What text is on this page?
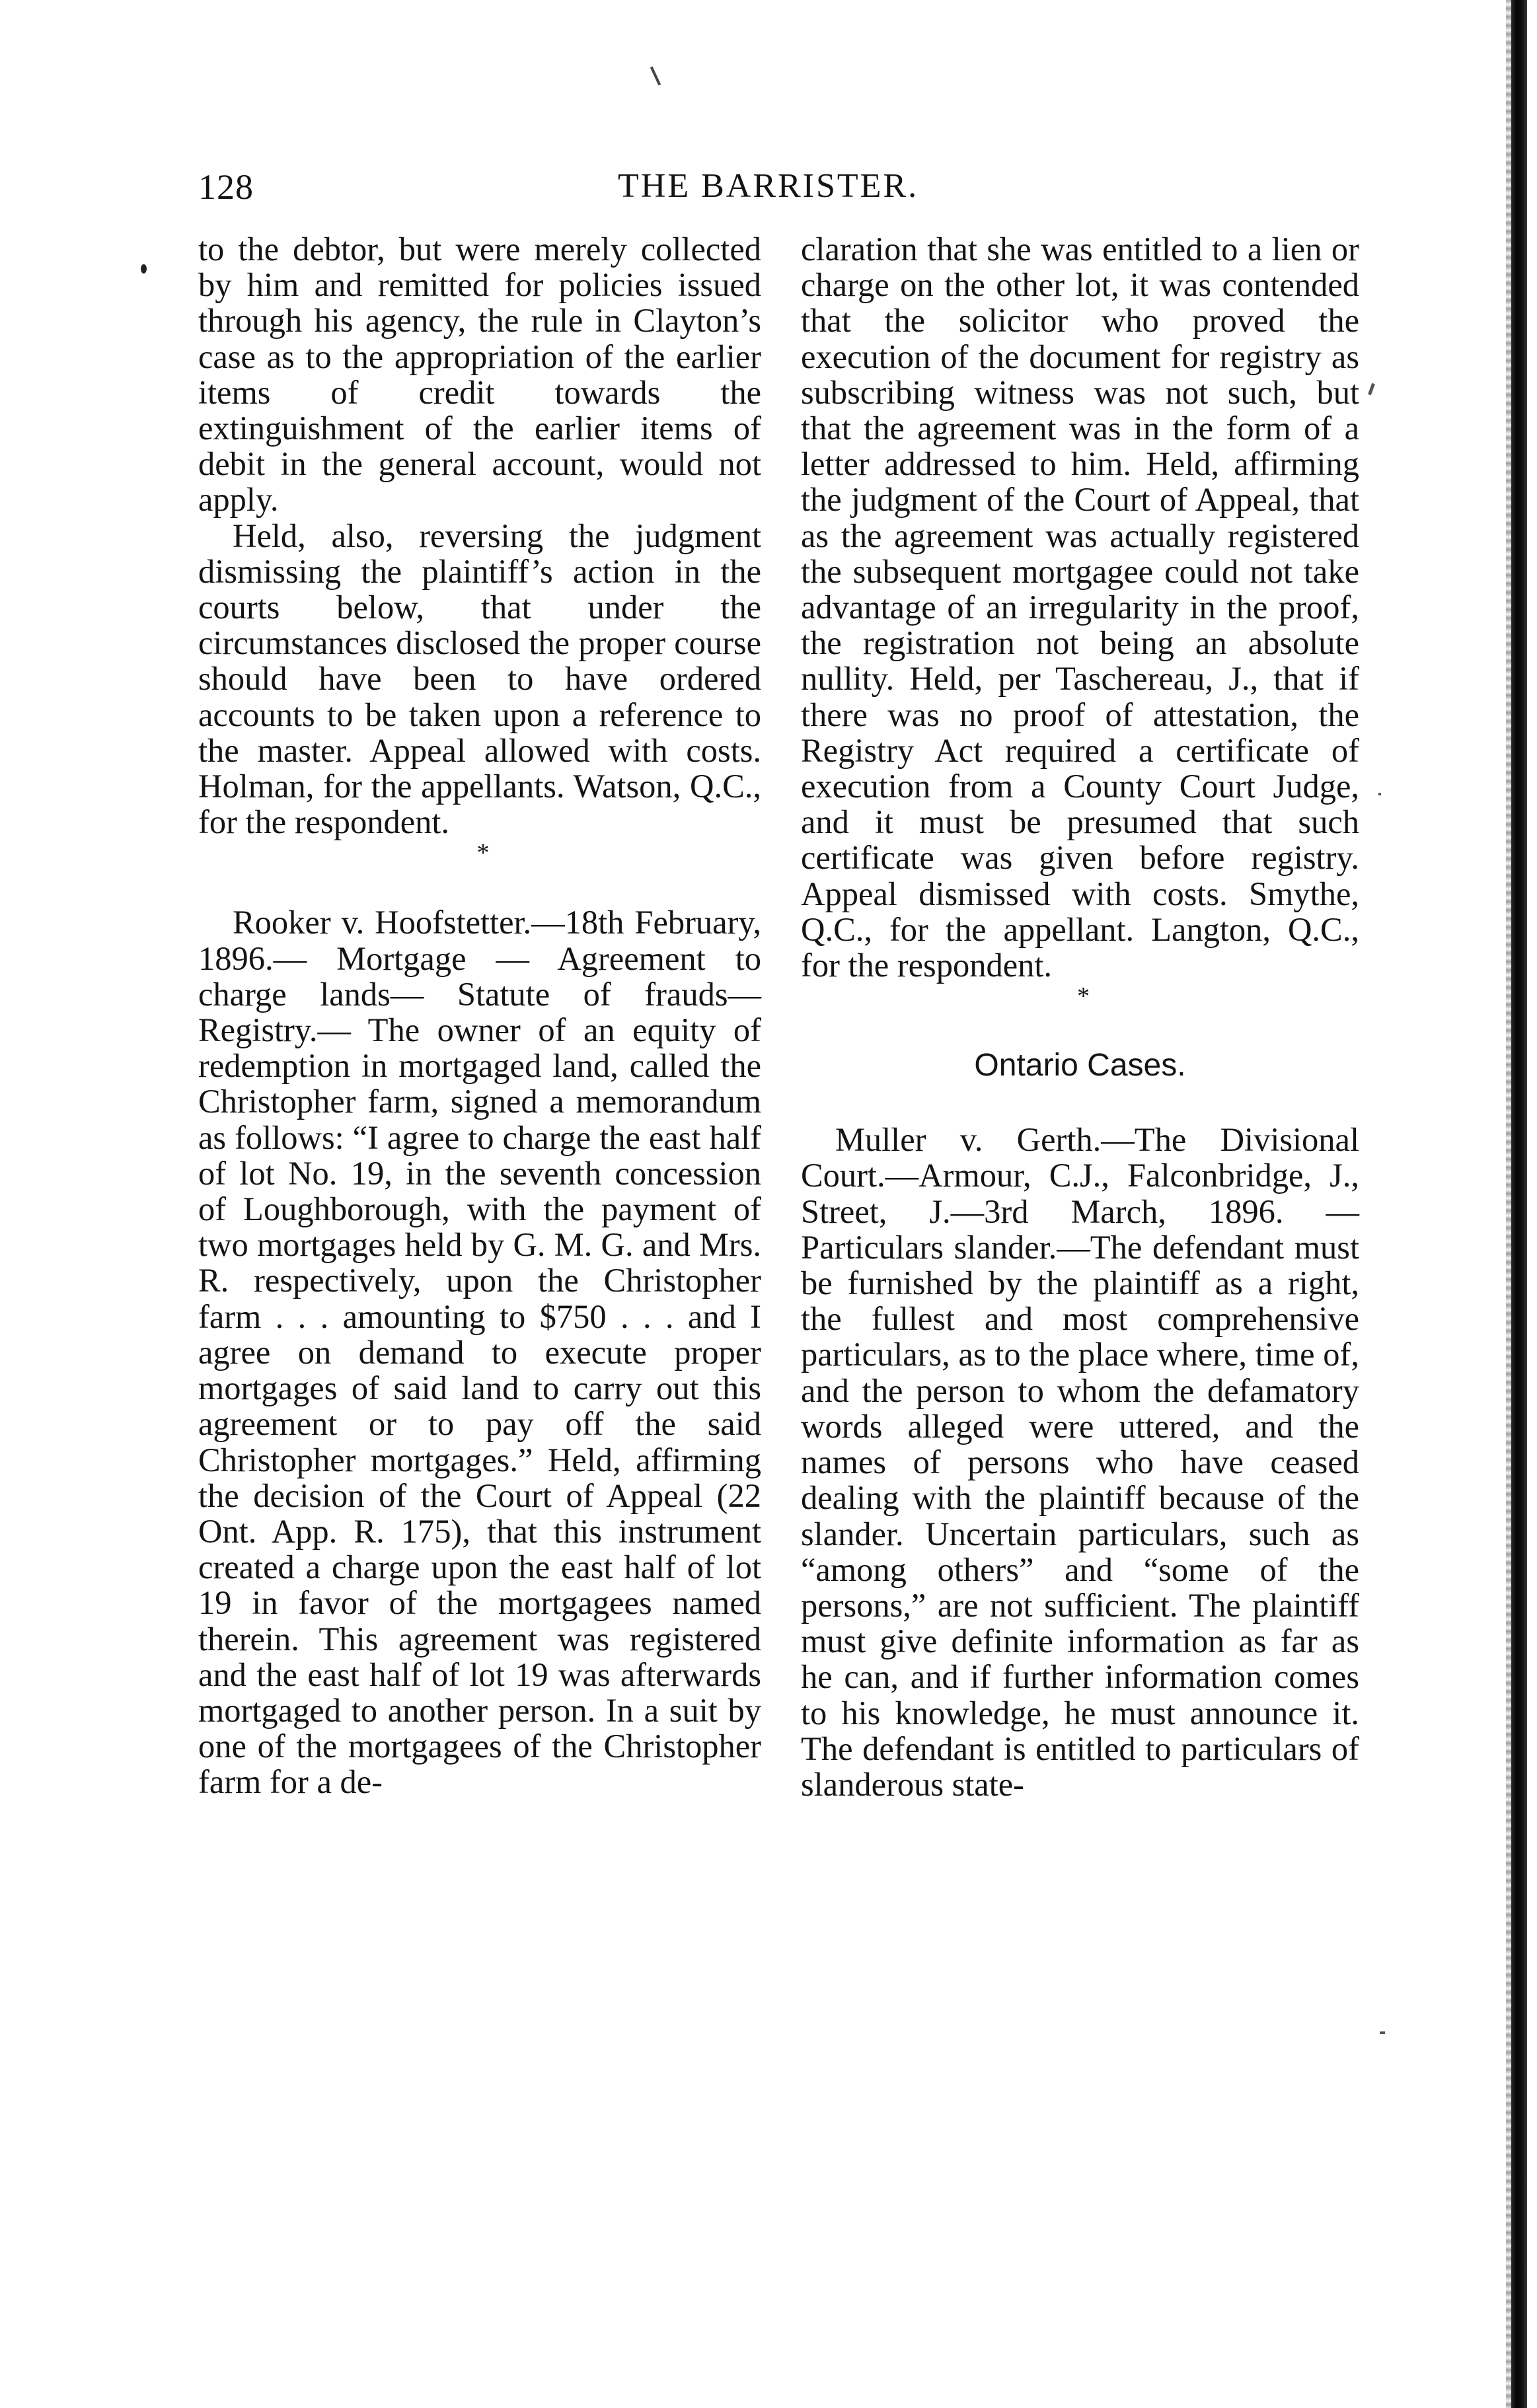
128	THE BARRISTER.

to the debtor, but were merely collected by him and remitted for policies issued through his agency, the rule in Clayton’s case as to the appropriation of the earlier items of credit towards the extinguishment of the earlier items of debit in the general account, would not apply.

Held, also, reversing the judgment dismissing the plaintiff’s action in the courts below, that under the circumstances disclosed the proper course should have been to have ordered accounts to be taken upon a reference to the master. Appeal allowed with costs. Holman, for the appellants. Watson, Q.C., for the respondent.

*

Rooker v. Hoofstetter.—18th February, 1896.— Mortgage — Agreement to charge lands— Statute of frauds—Registry.— The owner of an equity of redemption in mortgaged land, called the Christopher farm, signed a memorandum as follows: “I agree to charge the east half of lot No. 19, in the seventh concession of Loughborough, with the payment of two mortgages held by G. M. G. and Mrs. R. respectively, upon the Christopher farm . . . amounting to $750 . . . and I agree on demand to execute proper mortgages of said land to carry out this agreement or to pay off the said Christopher mortgages.” Held, affirming the decision of the Court of Appeal (22 Ont. App. R. 175), that this instrument created a charge upon the east half of lot 19 in favor of the mortgagees named therein. This agreement was registered and the east half of lot 19 was afterwards mortgaged to another person. In a suit by one of the mortgagees of the Christopher farm for a de-

claration that she was entitled to a lien or charge on the other lot, it was contended that the solicitor who proved the execution of the document for registry as subscribing witness was not such, but that the agreement was in the form of a letter addressed to him. Held, affirming the judgment of the Court of Appeal, that as the agreement was actually registered the subsequent mortgagee could not take advantage of an irregularity in the proof, the registration not being an absolute nullity. Held, per Taschereau, J., that if there was no proof of attestation, the Registry Act required a certificate of execution from a County Court Judge, and it must be presumed that such certificate was given before registry. Appeal dismissed with costs. Smythe, Q.C., for the appellant. Langton, Q.C., for the respondent.

*

Ontario Cases.

Muller v. Gerth.—The Divisional Court.—Armour, C.J., Falconbridge, J., Street, J.—3rd March, 1896. — Particulars slander.—The defendant must be furnished by the plaintiff as a right, the fullest and most comprehensive particulars, as to the place where, time of, and the person to whom the defamatory words alleged were uttered, and the names of persons who have ceased dealing with the plaintiff because of the slander. Uncertain particulars, such as “among others” and “some of the persons,” are not sufficient. The plaintiff must give definite information as far as he can, and if further information comes to his knowledge, he must announce it. The defendant is entitled to particulars of slanderous state-
